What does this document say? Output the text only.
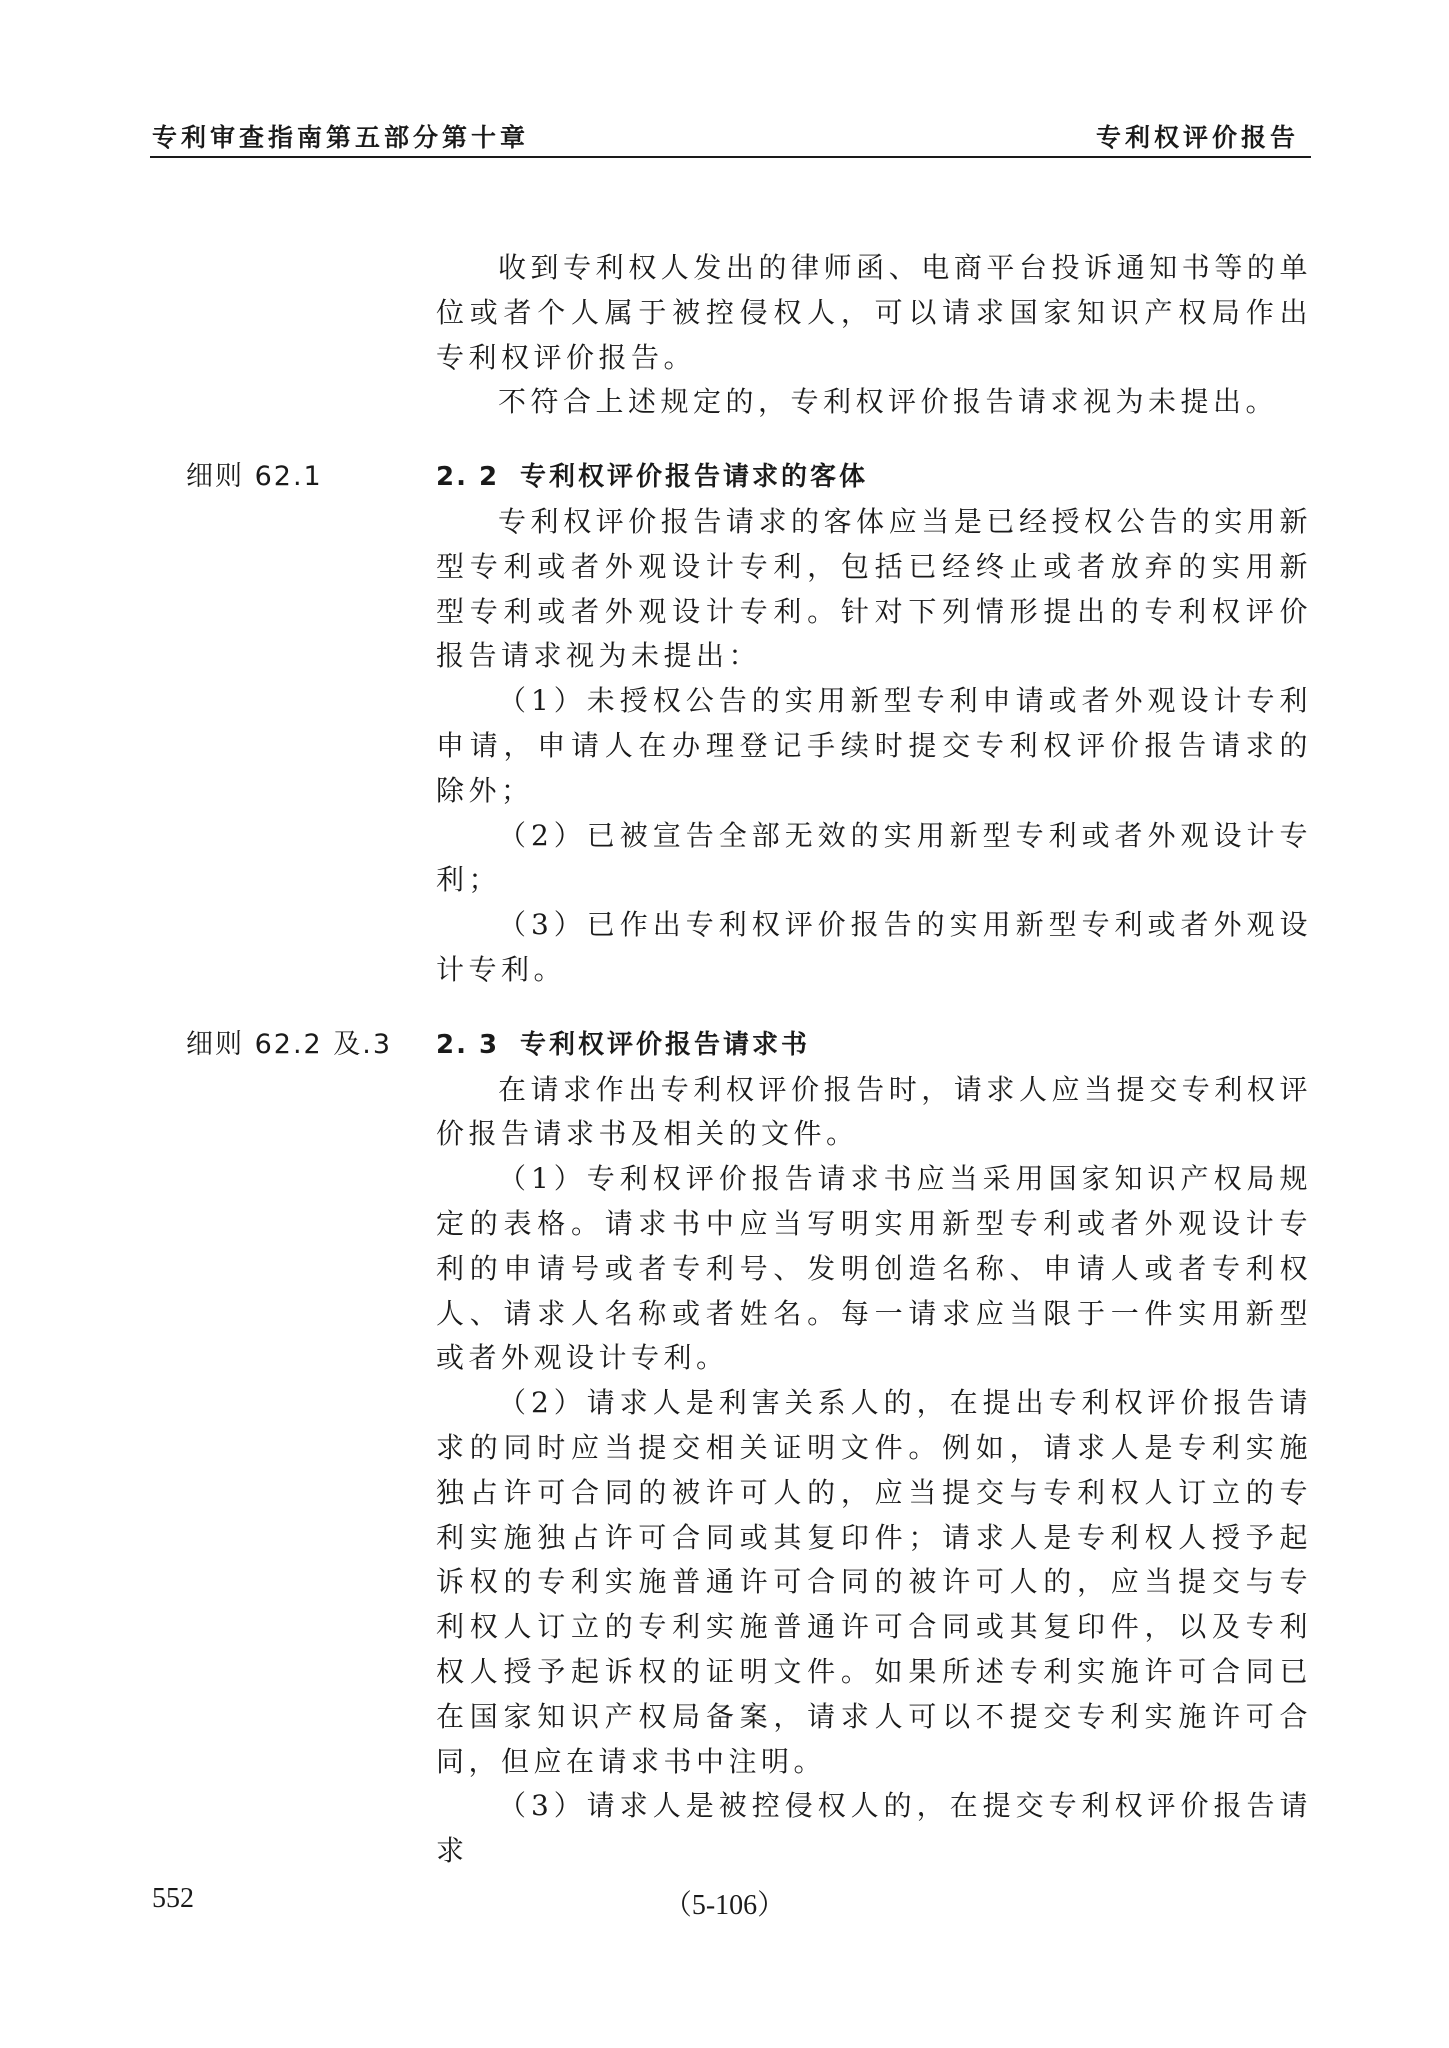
专利审查指南第五部分第十章	专利权评价报告

收到专利权人发出的律师函、电商平台投诉通知书等的单位或者个人属于被控侵权人，可以请求国家知识产权局作出专利权评价报告。

不符合上述规定的，专利权评价报告请求视为未提出。

细则 62.1	2. 2 专利权评价报告请求的客体

专利权评价报告请求的客体应当是已经授权公告的实用新型专利或者外观设计专利，包括已经终止或者放弃的实用新型专利或者外观设计专利。针对下列情形提出的专利权评价报告请求视为未提出：

（1）未授权公告的实用新型专利申请或者外观设计专利申请，申请人在办理登记手续时提交专利权评价报告请求的除外；

（2）已被宣告全部无效的实用新型专利或者外观设计专利；

（3）已作出专利权评价报告的实用新型专利或者外观设计专利。

细则 62.2 及.3 2. 3 专利权评价报告请求书

在请求作出专利权评价报告时，请求人应当提交专利权评价报告请求书及相关的文件。

（1）专利权评价报告请求书应当采用国家知识产权局规定的表格。请求书中应当写明实用新型专利或者外观设计专利的申请号或者专利号、发明创造名称、申请人或者专利权人、请求人名称或者姓名。每一请求应当限于一件实用新型或者外观设计专利。

（2）请求人是利害关系人的，在提出专利权评价报告请求的同时应当提交相关证明文件。例如，请求人是专利实施独占许可合同的被许可人的，应当提交与专利权人订立的专利实施独占许可合同或其复印件；请求人是专利权人授予起诉权的专利实施普通许可合同的被许可人的，应当提交与专利权人订立的专利实施普通许可合同或其复印件，以及专利权人授予起诉权的证明文件。如果所述专利实施许可合同已在国家知识产权局备案，请求人可以不提交专利实施许可合同，但应在请求书中注明。

（3）请求人是被控侵权人的，在提交专利权评价报告请求

552	（5-106）
